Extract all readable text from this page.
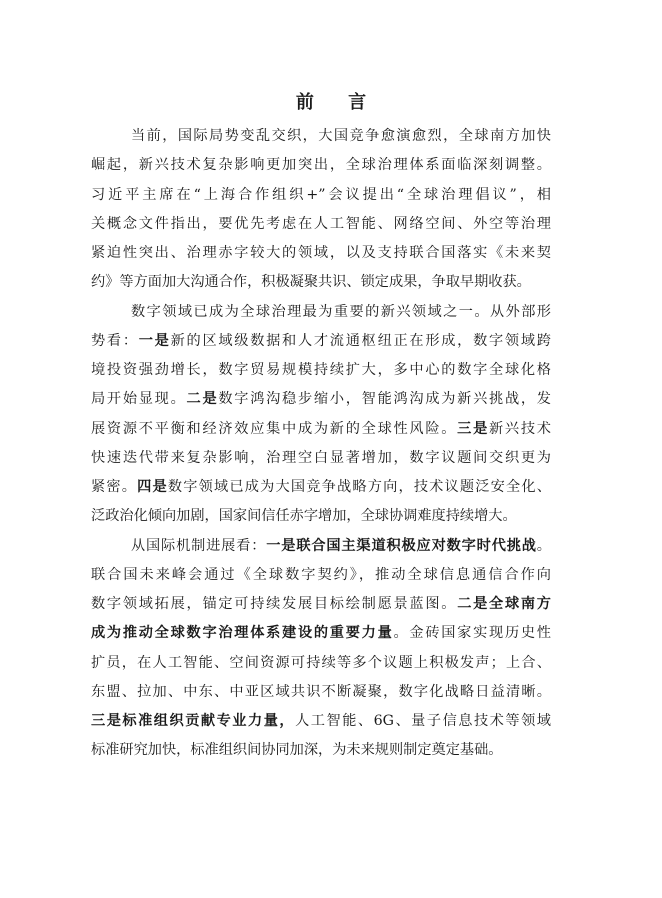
前 言
当前，国际局势变乱交织，大国竞争愈演愈烈，全球南方加快
崛起，新兴技术复杂影响更加突出，全球治理体系面临深刻调整。
习近平主席在“上海合作组织+”会议提出“全球治理倡议”，相
关概念文件指出，要优先考虑在人工智能、网络空间、外空等治理
紧迫性突出、治理赤字较大的领域，以及支持联合国落实《未来契
约》等方面加大沟通合作，积极凝聚共识、锁定成果，争取早期收获。
数字领域已成为全球治理最为重要的新兴领域之一。从外部形
势看：一是新的区域级数据和人才流通枢纽正在形成，数字领域跨
境投资强劲增长，数字贸易规模持续扩大，多中心的数字全球化格
局开始显现。二是数字鸿沟稳步缩小，智能鸿沟成为新兴挑战，发
展资源不平衡和经济效应集中成为新的全球性风险。三是新兴技术
快速迭代带来复杂影响，治理空白显著增加，数字议题间交织更为
紧密。四是数字领域已成为大国竞争战略方向，技术议题泛安全化、
泛政治化倾向加剧，国家间信任赤字增加，全球协调难度持续增大。
从国际机制进展看：一是联合国主渠道积极应对数字时代挑战。
联合国未来峰会通过《全球数字契约》，推动全球信息通信合作向
数字领域拓展，锚定可持续发展目标绘制愿景蓝图。二是全球南方
成为推动全球数字治理体系建设的重要力量。金砖国家实现历史性
扩员，在人工智能、空间资源可持续等多个议题上积极发声；上合、
东盟、拉加、中东、中亚区域共识不断凝聚，数字化战略日益清晰。
三是标准组织贡献专业力量，人工智能、6G、量子信息技术等领域
标准研究加快，标准组织间协同加深，为未来规则制定奠定基础。
